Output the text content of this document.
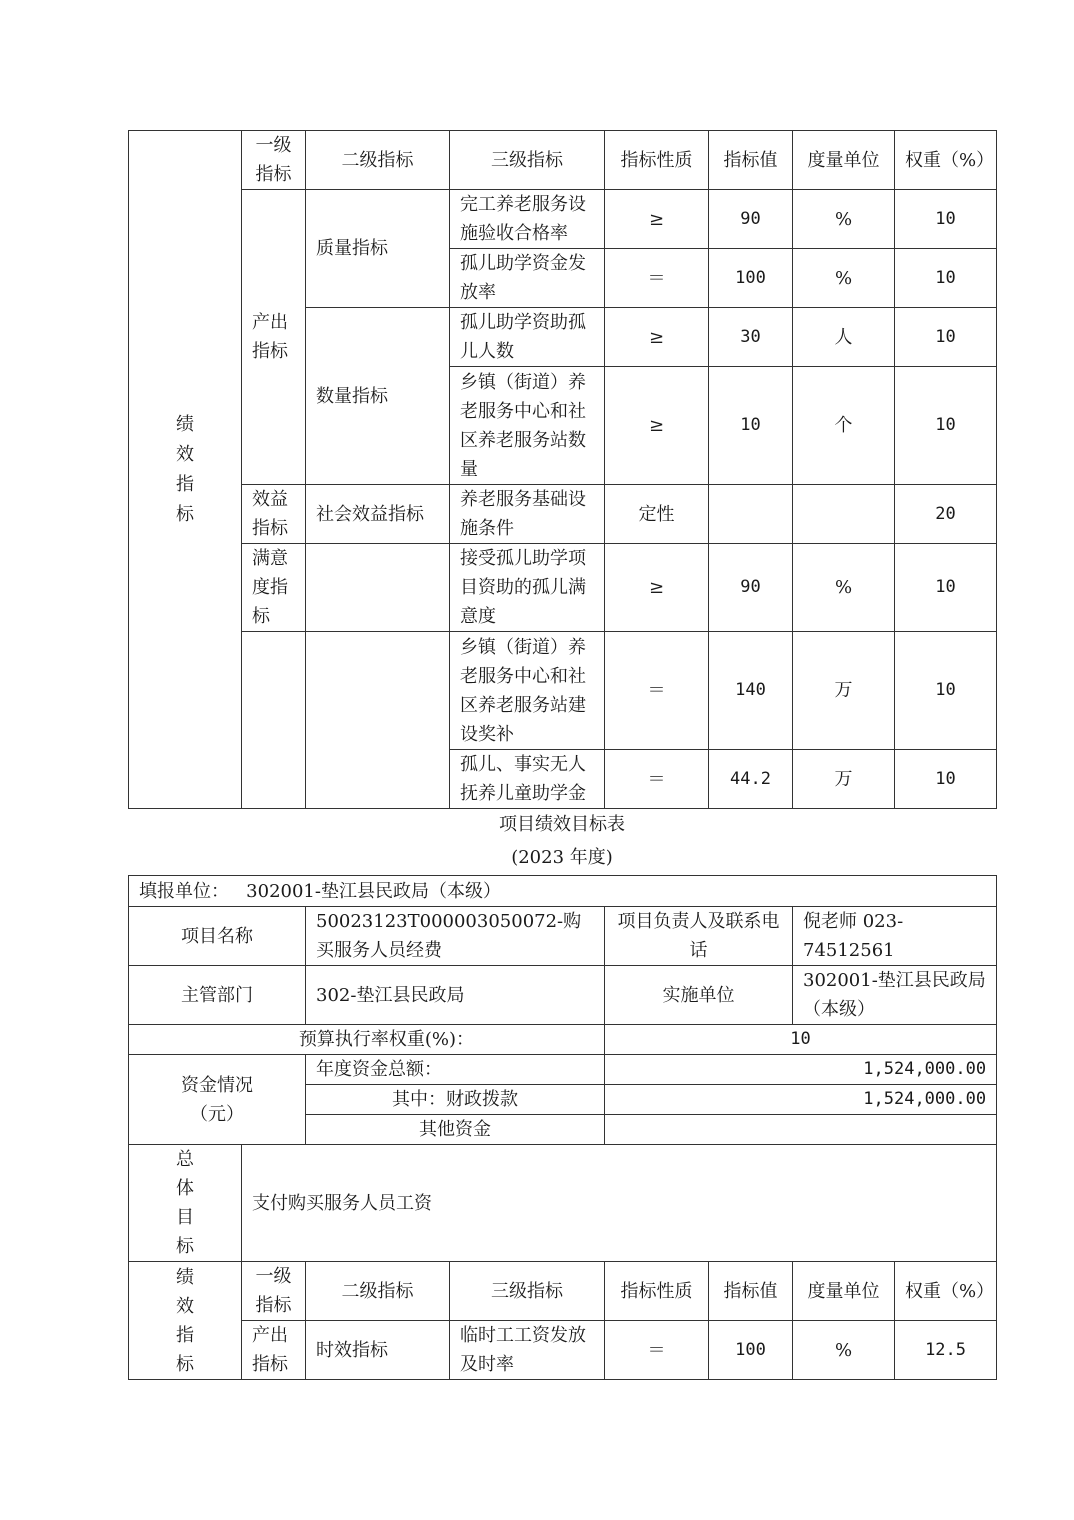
绩 效 指 标	一级 指标	二级指标	三级指标	指标性质	指标值	度量单位	权重（%）

	产出 指标	质量指标	完工养老服务设施验收合格率	≥	90	%	10
			孤儿助学资金发放率	＝	100	%	10
		数量指标	孤儿助学资助孤儿人数	≥	30	人	10
			乡镇（街道）养老服务中心和社区养老服务站数量	≥	10	个	10

	效益 指标	社会效益指标	养老服务基础设施条件	定性			20

	满意 度指 标		接受孤儿助学项目资助的孤儿满意度	≥	90	%	10
			乡镇（街道）养老服务中心和社区养老服务站建设奖补	＝	140	万	10
			孤儿、事实无人抚养儿童助学金	＝	44.2	万	10
项目绩效目标表
(2023 年度)
填报单位： 302001-垫江县民政局（本级）							
项目名称		50023123T000003050072-购买服务人员经费		项目负责人及联系电话		倪老师 023-74512561	
主管部门		302-垫江县民政局		实施单位		302001-垫江县民政局（本级）	
预算执行率权重(%)：				10			

资金情况（元）		年度资金总额：		1,524,000.00			
		其中：财政拨款		1,524,000.00			
		其他资金					

总 体 目 标	支付购买服务人员工资						

绩 效 指 标	一级 指标	二级指标	三级指标	指标性质	指标值	度量单位	权重（%）

	产出 指标	时效指标	临时工工资发放及时率	＝	100	%	12.5
